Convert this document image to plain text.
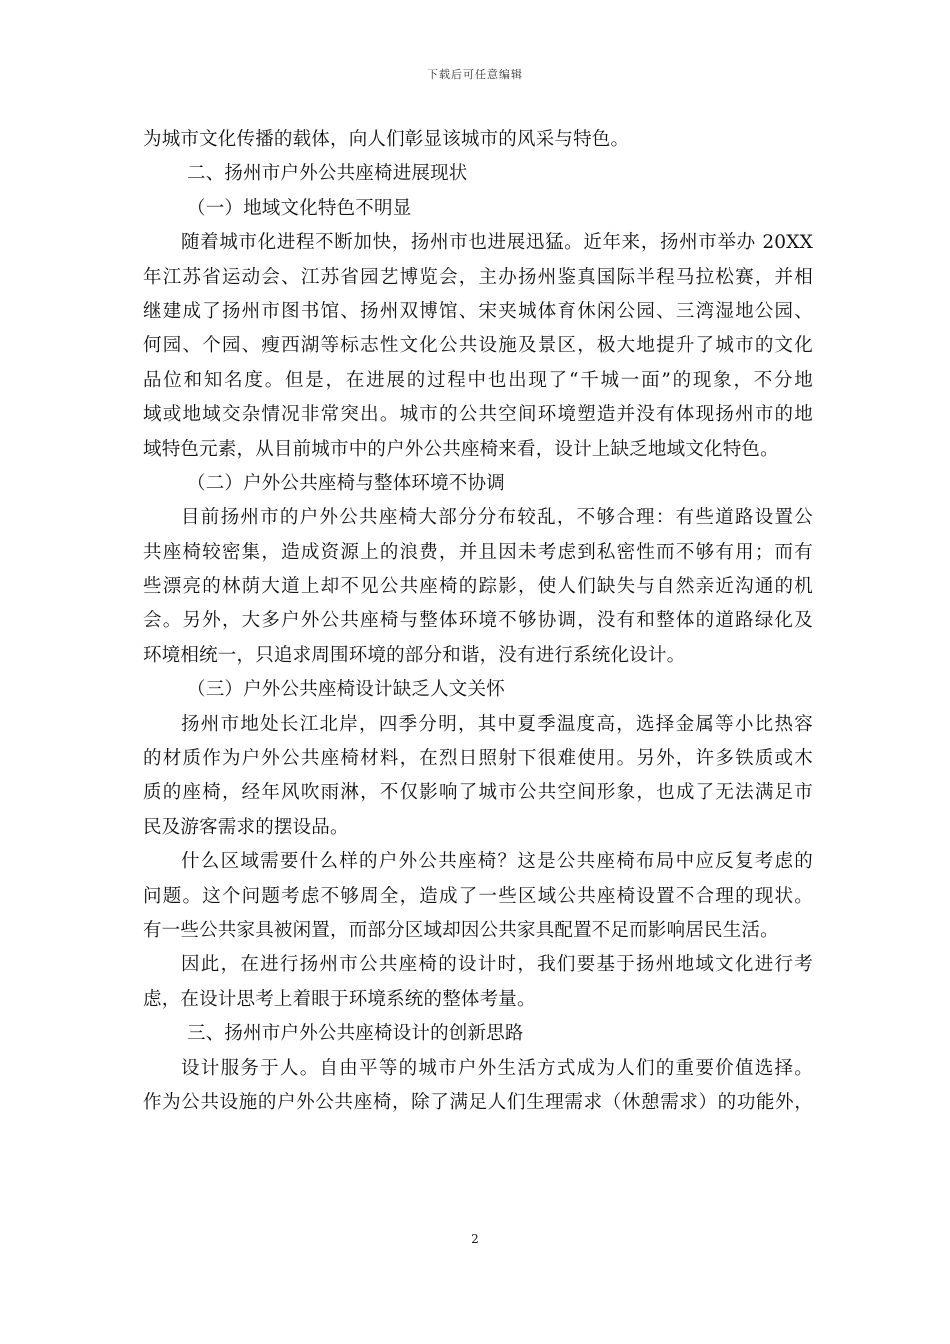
下载后可任意编辑
为城市文化传播的载体，向人们彰显该城市的风采与特色。
二、扬州市户外公共座椅进展现状
（一）地域文化特色不明显
随着城市化进程不断加快，扬州市也进展迅猛。近年来，扬州市举办 20XX
年江苏省运动会、江苏省园艺博览会，主办扬州鉴真国际半程马拉松赛，并相
继建成了扬州市图书馆、扬州双博馆、宋夹城体育休闲公园、三湾湿地公园、
何园、个园、瘦西湖等标志性文化公共设施及景区，极大地提升了城市的文化
品位和知名度。但是，在进展的过程中也出现了“千城一面”的现象，不分地
域或地域交杂情况非常突出。城市的公共空间环境塑造并没有体现扬州市的地
域特色元素，从目前城市中的户外公共座椅来看，设计上缺乏地域文化特色。
（二）户外公共座椅与整体环境不协调
目前扬州市的户外公共座椅大部分分布较乱，不够合理：有些道路设置公
共座椅较密集，造成资源上的浪费，并且因未考虑到私密性而不够有用；而有
些漂亮的林荫大道上却不见公共座椅的踪影，使人们缺失与自然亲近沟通的机
会。另外，大多户外公共座椅与整体环境不够协调，没有和整体的道路绿化及
环境相统一，只追求周围环境的部分和谐，没有进行系统化设计。
（三）户外公共座椅设计缺乏人文关怀
扬州市地处长江北岸，四季分明，其中夏季温度高，选择金属等小比热容
的材质作为户外公共座椅材料，在烈日照射下很难使用。另外，许多铁质或木
质的座椅，经年风吹雨淋，不仅影响了城市公共空间形象，也成了无法满足市
民及游客需求的摆设品。
什么区域需要什么样的户外公共座椅？这是公共座椅布局中应反复考虑的
问题。这个问题考虑不够周全，造成了一些区域公共座椅设置不合理的现状。
有一些公共家具被闲置，而部分区域却因公共家具配置不足而影响居民生活。
因此，在进行扬州市公共座椅的设计时，我们要基于扬州地域文化进行考
虑，在设计思考上着眼于环境系统的整体考量。
三、扬州市户外公共座椅设计的创新思路
设计服务于人。自由平等的城市户外生活方式成为人们的重要价值选择。
作为公共设施的户外公共座椅，除了满足人们生理需求（休憩需求）的功能外，
2
